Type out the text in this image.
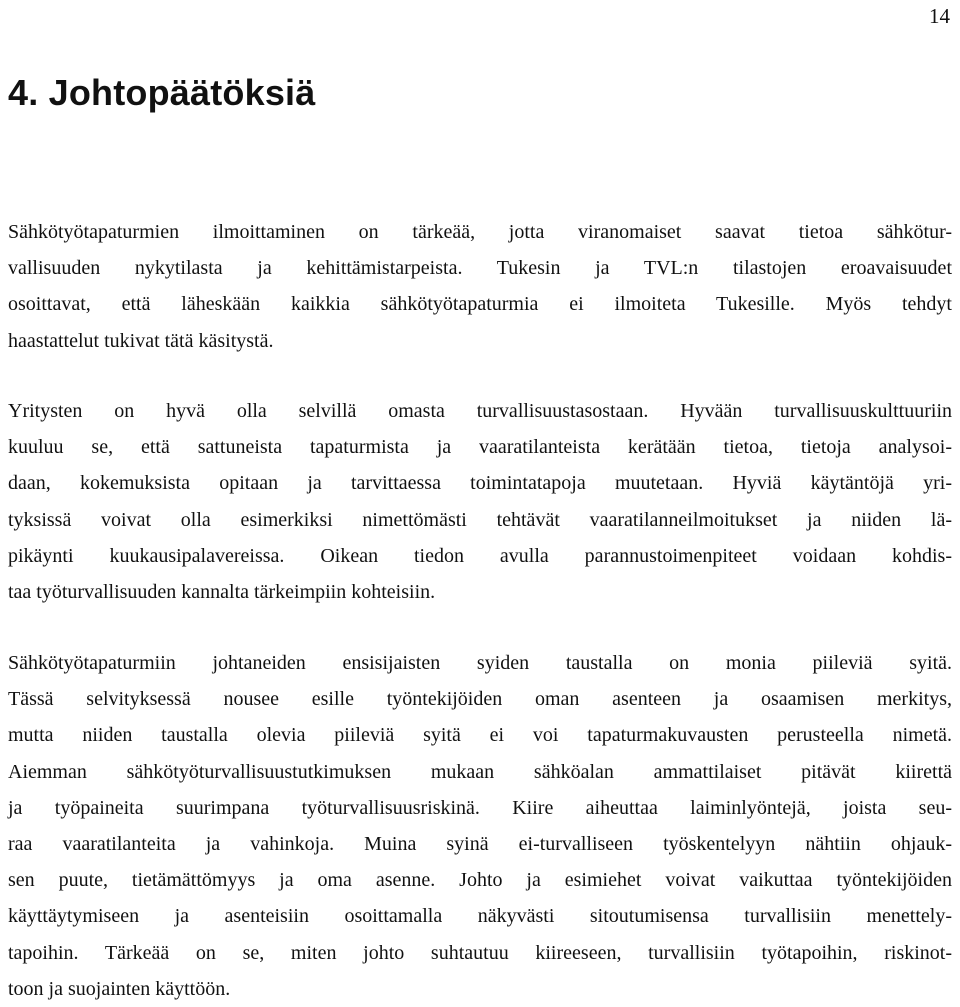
14
4. Johtopäätöksiä
Sähkötyötapaturmien ilmoittaminen on tärkeää, jotta viranomaiset saavat tietoa sähkötur-
vallisuuden nykytilasta ja kehittämistarpeista. Tukesin ja TVL:n tilastojen eroavaisuudet
osoittavat, että läheskään kaikkia sähkötyötapaturmia ei ilmoiteta Tukesille. Myös tehdyt
haastattelut tukivat tätä käsitystä.
Yritysten on hyvä olla selvillä omasta turvallisuustasostaan. Hyvään turvallisuuskulttuuriin
kuuluu se, että sattuneista tapaturmista ja vaaratilanteista kerätään tietoa, tietoja analysoi-
daan, kokemuksista opitaan ja tarvittaessa toimintatapoja muutetaan. Hyviä käytäntöjä yri-
tyksissä voivat olla esimerkiksi nimettömästi tehtävät vaaratilanneilmoitukset ja niiden lä-
pikäynti kuukausipalavereissa. Oikean tiedon avulla parannustoimenpiteet voidaan kohdis-
taa työturvallisuuden kannalta tärkeimpiin kohteisiin.
Sähkötyötapaturmiin johtaneiden ensisijaisten syiden taustalla on monia piileviä syitä.
Tässä selvityksessä nousee esille työntekijöiden oman asenteen ja osaamisen merkitys,
mutta niiden taustalla olevia piileviä syitä ei voi tapaturmakuvausten perusteella nimetä.
Aiemman sähkötyöturvallisuustutkimuksen mukaan sähköalan ammattilaiset pitävät kiirettä
ja työpaineita suurimpana työturvallisuusriskinä. Kiire aiheuttaa laiminlyöntejä, joista seu-
raa vaaratilanteita ja vahinkoja. Muina syinä ei-turvalliseen työskentelyyn nähtiin ohjauk-
sen puute, tietämättömyys ja oma asenne. Johto ja esimiehet voivat vaikuttaa työntekijöiden
käyttäytymiseen ja asenteisiin osoittamalla näkyvästi sitoutumisensa turvallisiin menettely-
tapoihin. Tärkeää on se, miten johto suhtautuu kiireeseen, turvallisiin työtapoihin, riskinot-
toon ja suojainten käyttöön.
